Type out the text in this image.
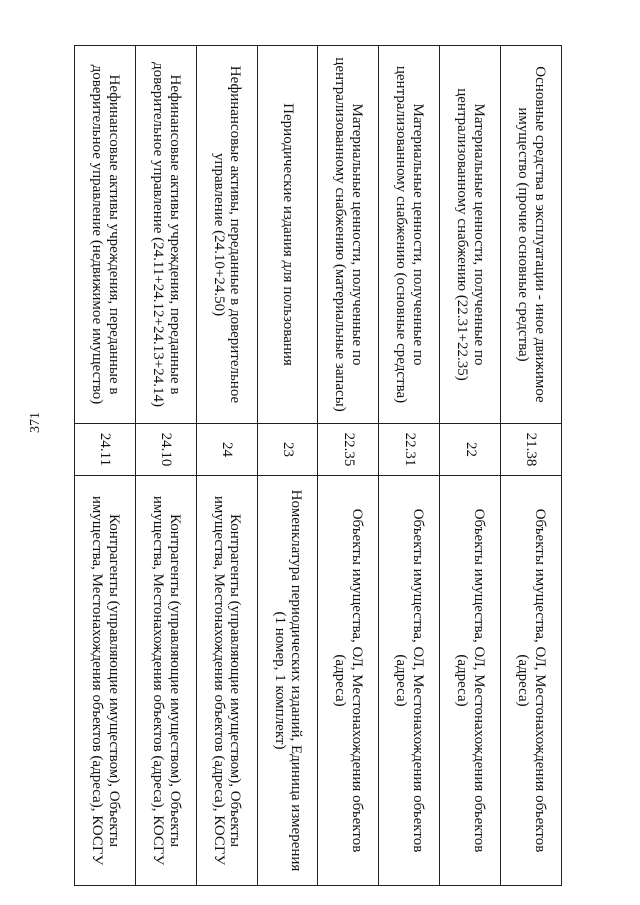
371
Основные средства в эксплуатации - иное движимое имущество (прочие основные средства)	21.38	Объекты имущества, ОЛ, Местонахождения объектов (адреса)
Материальные ценности, полученные по централизованному снабжению (22.31+22.35)	22	Объекты имущества, ОЛ, Местонахождения объектов (адреса)
Материальные ценности, полученные по централизованному снабжению (основные средства)	22.31	Объекты имущества, ОЛ, Местонахождения объектов (адреса)
Материальные ценности, полученные по централизованному снабжению (материальные запасы)	22.35	Объекты имущества, ОЛ, Местонахождения объектов (адреса)
Периодические издания для пользования	23	Номенклатура периодических изданий, Единица измерения (1 номер, 1 комплект)
Нефинансовые активы, переданные в доверительное управление (24.10+24.50)	24	Контрагенты (управляющие имуществом), Объекты имущества, Местонахождения объектов (адреса), КОСГУ
Нефинансовые активы учреждения, переданные в доверительное управление (24.11+24.12+24.13+24.14)	24.10	Контрагенты (управляющие имуществом), Объекты имущества, Местонахождения объектов (адреса), КОСГУ
Нефинансовые активы учреждения, переданные в доверительное управление (недвижимое имущество)	24.11	Контрагенты (управляющие имуществом), Объекты имущества, Местонахождения объектов (адреса), КОСГУ
